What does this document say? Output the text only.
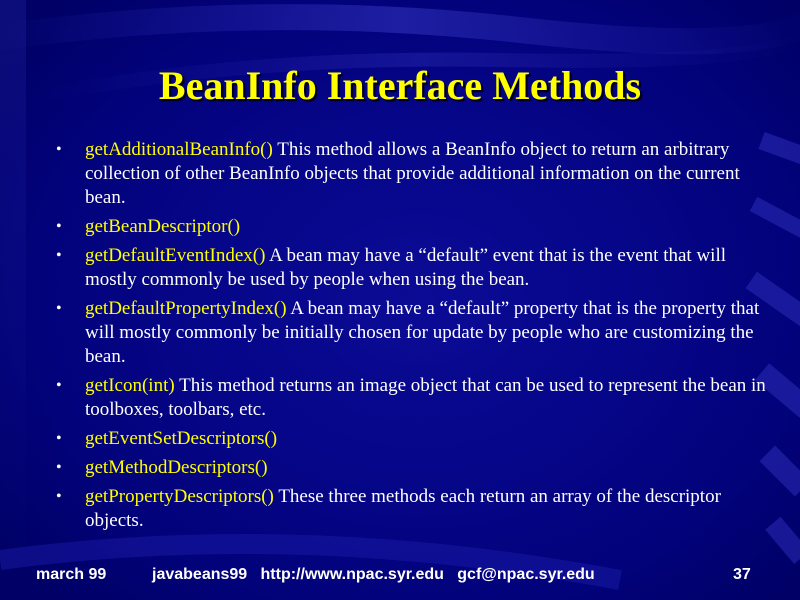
BeanInfo Interface Methods
• getAdditionalBeanInfo() This method allows a BeanInfo object to return an arbitrary collection of other BeanInfo objects that provide additional information on the current bean.
• getBeanDescriptor()
• getDefaultEventIndex() A bean may have a “default” event that is the event that will mostly commonly be used by people when using the bean.
• getDefaultPropertyIndex() A bean may have a “default” property that is the property that will mostly commonly be initially chosen for update by people who are customizing the bean.
• getIcon(int) This method returns an image object that can be used to represent the bean in toolboxes, toolbars, etc.
• getEventSetDescriptors()
• getMethodDescriptors()
• getPropertyDescriptors() These three methods each return an array of the descriptor objects.
march 99	javabeans99   http://www.npac.syr.edu   gcf@npac.syr.edu	37
